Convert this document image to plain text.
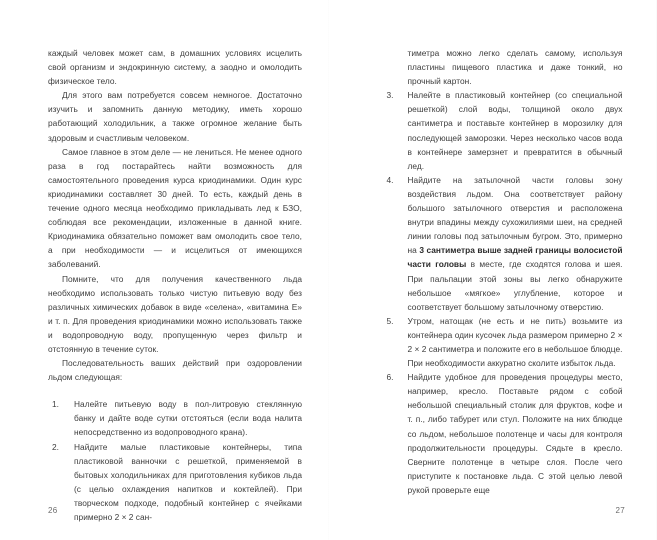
каждый человек может сам, в домашних условиях исцелить свой организм и эндокринную систему, а заодно и омолодить физическое тело.

Для этого вам потребуется совсем немногое. Достаточно изучить и запомнить данную методику, иметь хорошо работающий холодильник, а также огромное желание быть здоровым и счастливым человеком.

Самое главное в этом деле — не лениться. Не менее одного раза в год постарайтесь найти возможность для самостоятельного проведения курса криодинамики. Один курс криодинамики составляет 30 дней. То есть, каждый день в течение одного месяца необходимо прикладывать лед к БЗО, соблюдая все рекомендации, изложенные в данной книге. Криодинамика обязательно поможет вам омолодить свое тело, а при необходимости — и исцелиться от имеющихся заболеваний.

Помните, что для получения качественного льда необходимо использовать только чистую питьевую воду без различных химических добавок в виде «селена», «витамина Е» и т. п. Для проведения криодинамики можно использовать также и водопроводную воду, пропущенную через фильтр и отстоянную в течение суток.

Последовательность ваших действий при оздоровлении льдом следующая:

1.	Налейте питьевую воду в пол-литровую стеклянную банку и дайте воде сутки отстояться (если вода налита непосредственно из водопроводного крана).
2.	Найдите малые пластиковые контейнеры, типа пластиковой ванночки с решеткой, применяемой в бытовых холодильниках для приготовления кубиков льда (с целью охлаждения напитков и коктейлей). При творческом подходе, подобный контейнер с ячейками примерно 2 × 2 сан-
26

тиметра можно легко сделать самому, используя пластины пищевого пластика и даже тонкий, но прочный картон.

3.	Налейте в пластиковый контейнер (со специальной решеткой) слой воды, толщиной около двух сантиметра и поставьте контейнер в морозилку для последующей заморозки. Через несколько часов вода в контейнере замерзнет и превратится в обычный лед.
4.	Найдите на затылочной части головы зону воздействия льдом. Она соответствует району большого затылочного отверстия и расположена внутри впадины между сухожилиями шеи, на средней линии головы под затылочным бугром. Это, примерно на 3 сантиметра выше задней границы волосистой части головы в месте, где сходятся голова и шея. При пальпации этой зоны вы легко обнаружите небольшое «мягкое» углубление, которое и соответствует большому затылочному отверстию.
5.	Утром, натощак (не есть и не пить) возьмите из контейнера один кусочек льда размером примерно 2 × 2 × 2 сантиметра и положите его в небольшое блюдце. При необходимости аккуратно сколите избыток льда.
6.	Найдите удобное для проведения процедуры место, например, кресло. Поставьте рядом с собой небольшой специальный столик для фруктов, кофе и т. п., либо табурет или стул. Положите на них блюдце со льдом, небольшое полотенце и часы для контроля продолжительности процедуры. Сядьте в кресло. Сверните полотенце в четыре слоя. После чего приступите к постановке льда. С этой целью левой рукой проверьте еще
27
